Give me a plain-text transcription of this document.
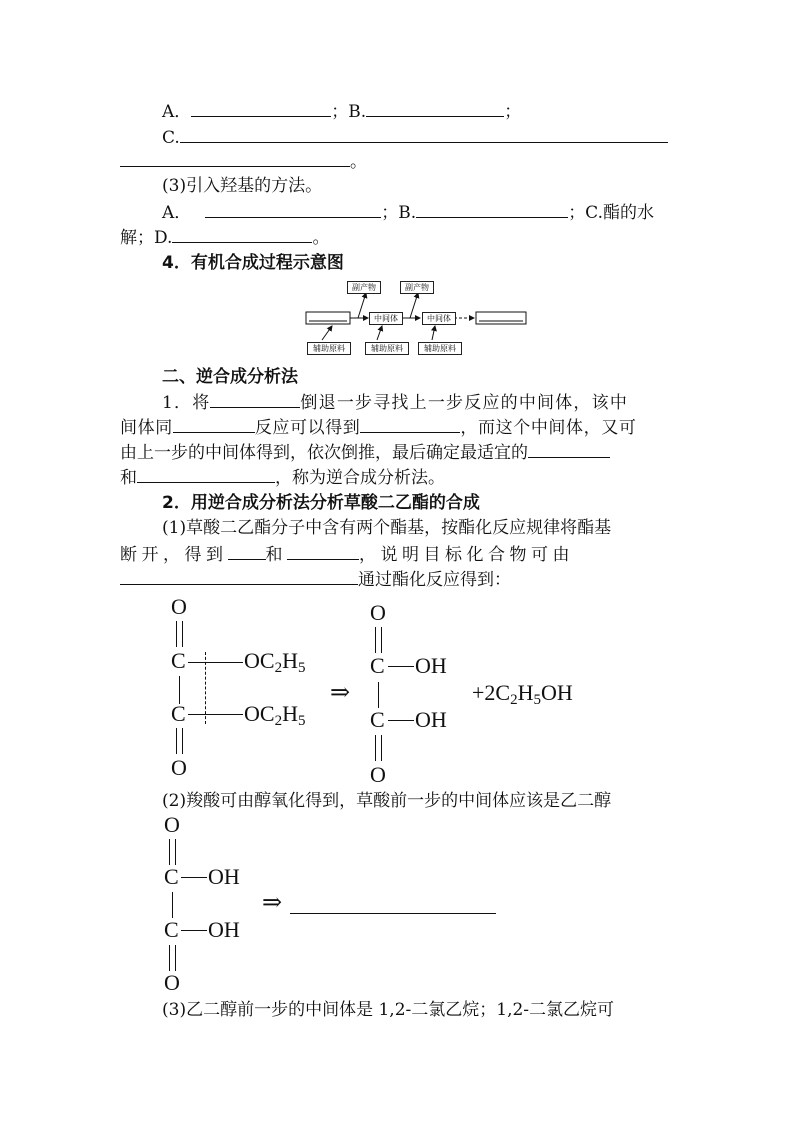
A．	；B.	；
C.
。
(3)引入羟基的方法。
A．	；B.	；C.酯的水
解；D.	。
4．有机合成过程示意图
副产物	副产物
中间体	中间体
辅助原料	辅助原料	辅助原料
二、逆合成分析法
1．将	倒退一步寻找上一步反应的中间体，该中
间体同	反应可以得到	，而这个中间体，又可
由上一步的中间体得到，依次倒推，最后确定最适宜的
和	，称为逆合成分析法。
2．用逆合成分析法分析草酸二乙酯的合成
(1)草酸二乙酯分子中含有两个酯基，按酯化反应规律将酯基
断开，得到 和	，说明目标化合物可由
通过酯化反应得到：
O
C	OC2H5
C	OC2H5
O
⇒
O
C OH
C OH
O
+2C2H5OH
(2)羧酸可由醇氧化得到，草酸前一步的中间体应该是乙二醇
O
C OH
C OH
O
⇒
(3)乙二醇前一步的中间体是 1,2-二氯乙烷；1,2-二氯乙烷可
